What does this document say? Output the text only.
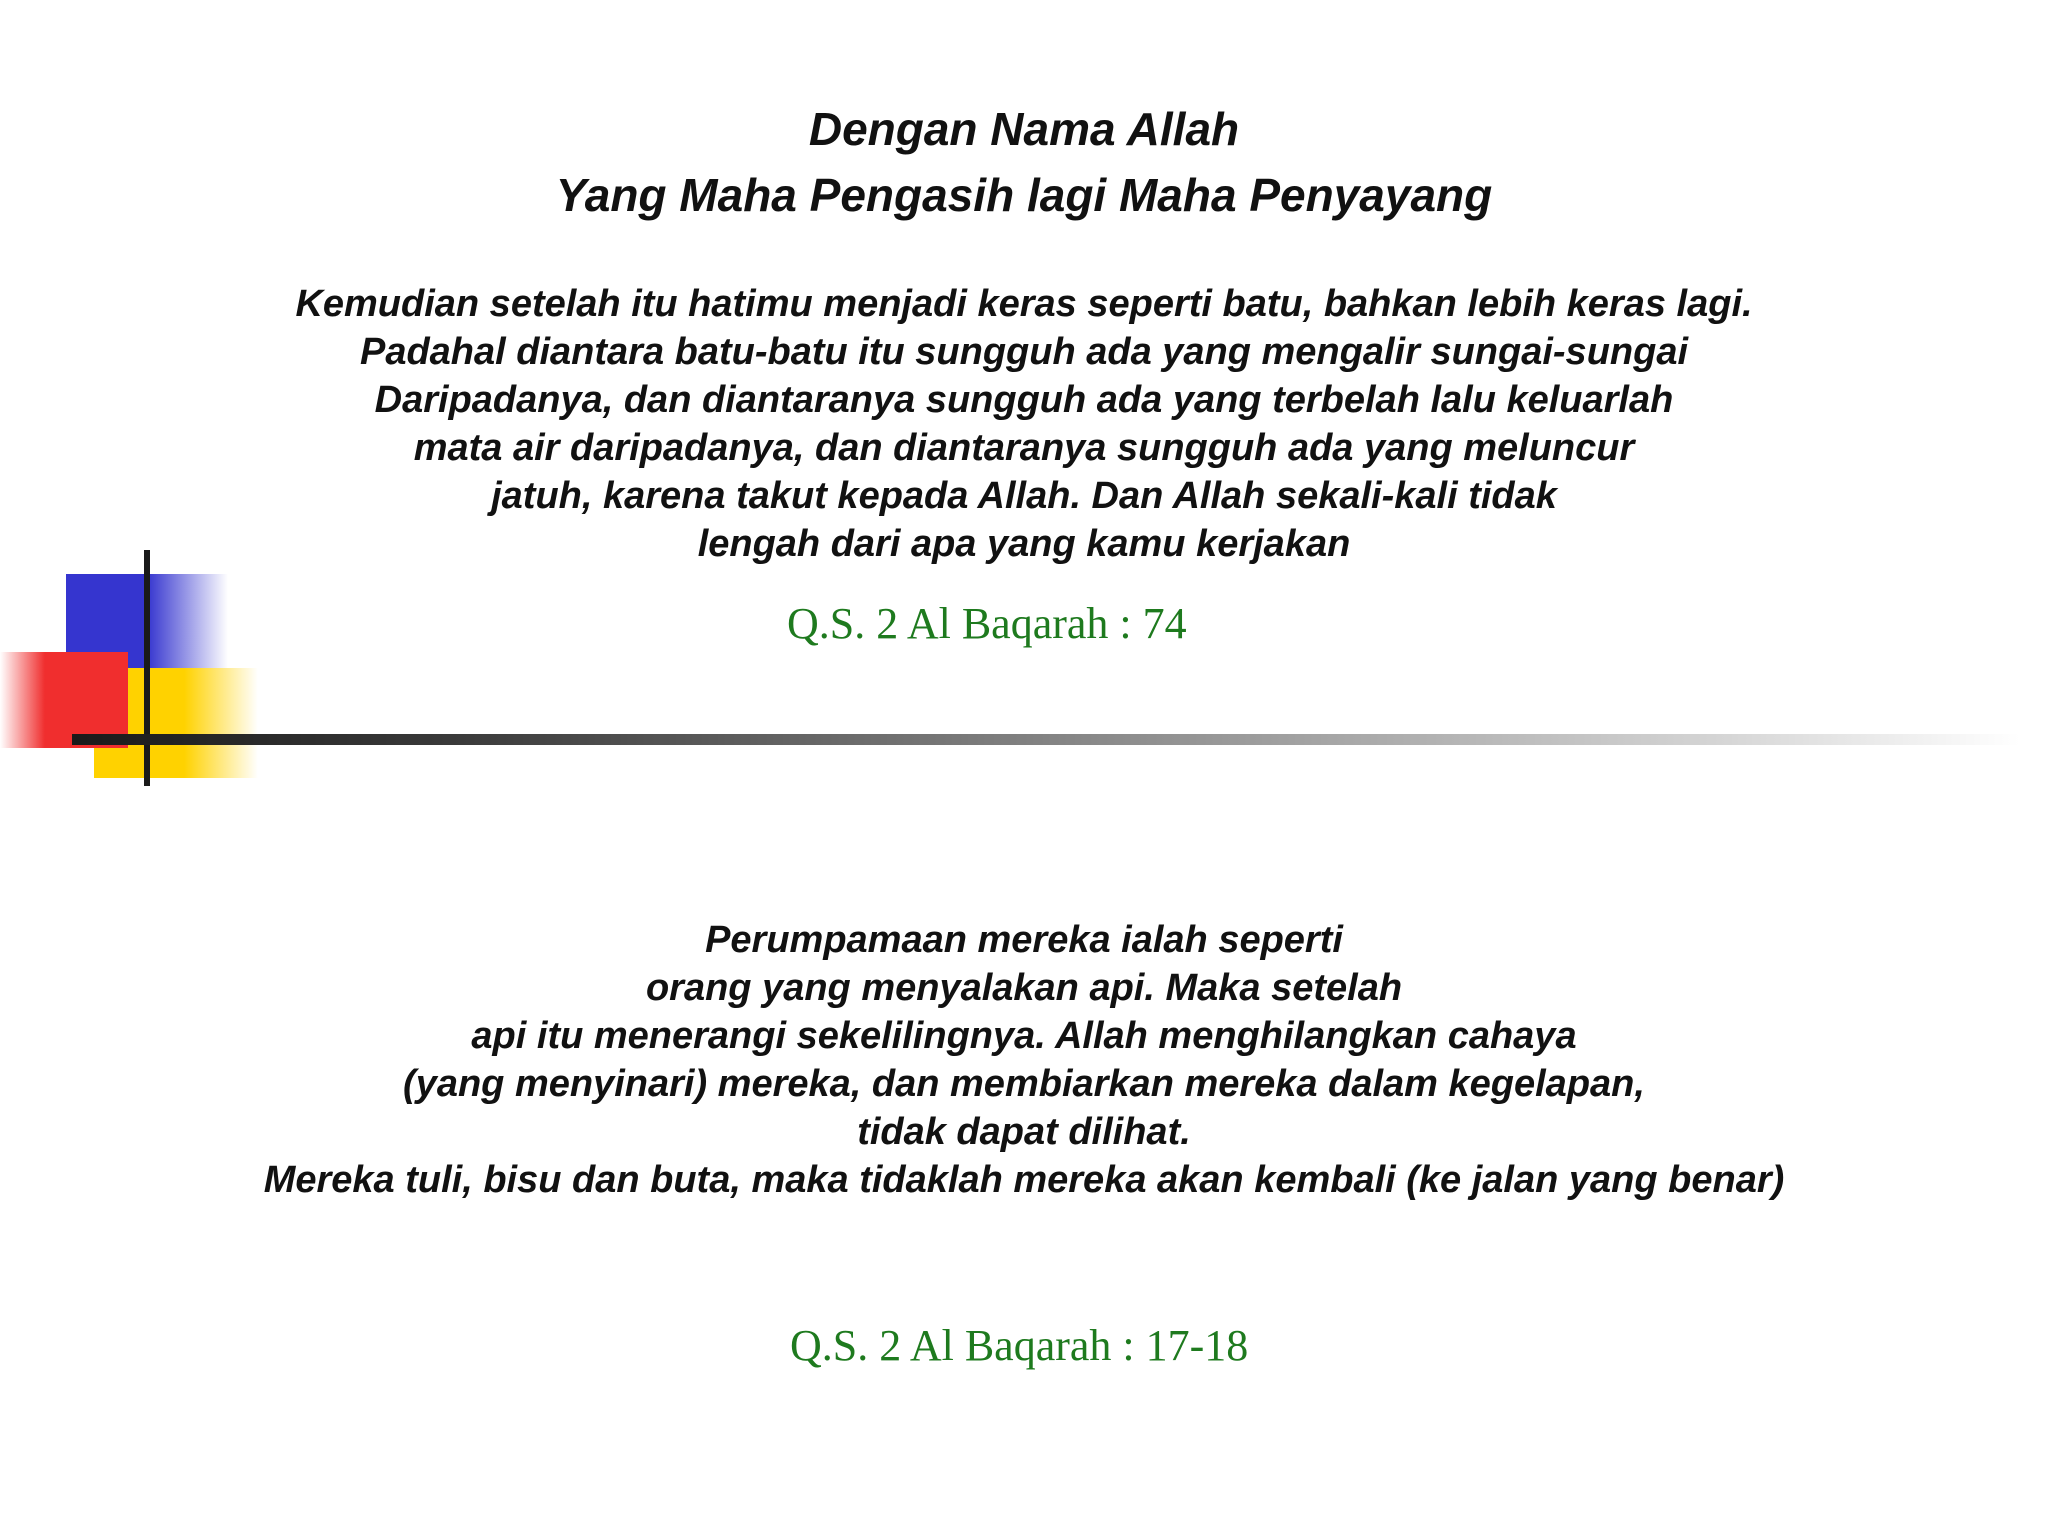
Dengan Nama Allah
Yang Maha Pengasih lagi Maha Penyayang
Kemudian setelah itu hatimu menjadi keras seperti batu, bahkan lebih keras lagi.
Padahal diantara batu-batu itu sungguh ada yang mengalir sungai-sungai
Daripadanya, dan diantaranya sungguh ada yang terbelah lalu keluarlah
mata air daripadanya, dan diantaranya sungguh ada yang meluncur
jatuh, karena takut kepada Allah. Dan Allah sekali-kali tidak
lengah dari apa yang kamu kerjakan
Q.S. 2 Al Baqarah : 74
Perumpamaan mereka ialah seperti
orang yang menyalakan api. Maka setelah
api itu menerangi sekelilingnya. Allah menghilangkan cahaya
(yang menyinari) mereka, dan membiarkan mereka dalam kegelapan,
tidak dapat dilihat.
Mereka tuli, bisu dan buta, maka tidaklah mereka akan kembali (ke jalan yang benar)
Q.S. 2 Al Baqarah : 17-18
